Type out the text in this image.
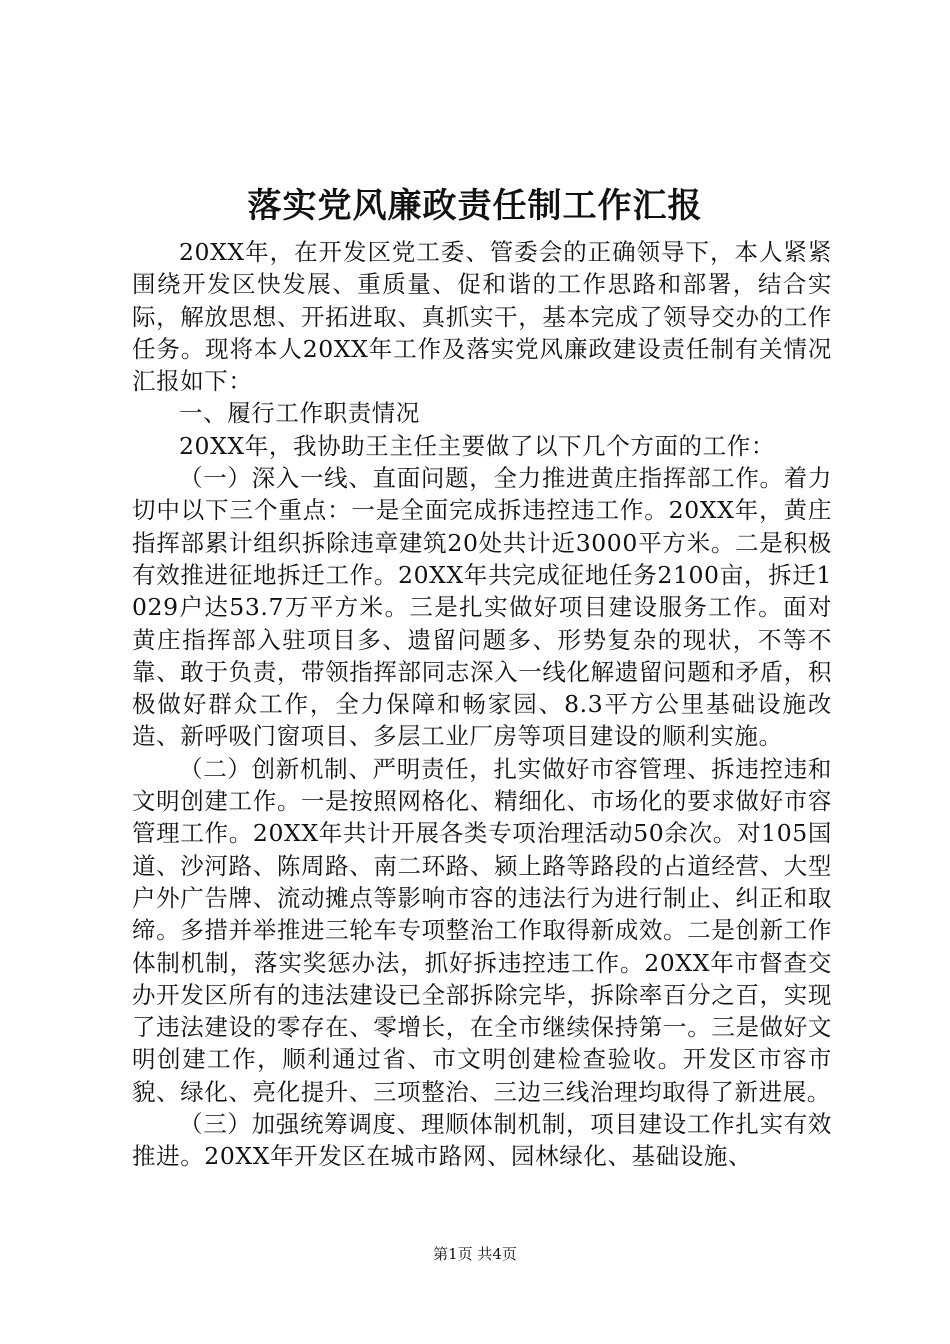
落实党风廉政责任制工作汇报

20XX年，在开发区党工委、管委会的正确领导下，本人紧紧围绕开发区快发展、重质量、促和谐的工作思路和部署，结合实际，解放思想、开拓进取、真抓实干，基本完成了领导交办的工作任务。现将本人20XX年工作及落实党风廉政建设责任制有关情况汇报如下：

一、履行工作职责情况

20XX年，我协助王主任主要做了以下几个方面的工作：

（一）深入一线、直面问题，全力推进黄庄指挥部工作。着力切中以下三个重点：一是全面完成拆违控违工作。20XX年，黄庄指挥部累计组织拆除违章建筑20处共计近3000平方米。二是积极有效推进征地拆迁工作。20XX年共完成征地任务2100亩，拆迁1029户达53.7万平方米。三是扎实做好项目建设服务工作。面对黄庄指挥部入驻项目多、遗留问题多、形势复杂的现状，不等不靠、敢于负责，带领指挥部同志深入一线化解遗留问题和矛盾，积极做好群众工作，全力保障和畅家园、8.3平方公里基础设施改造、新呼吸门窗项目、多层工业厂房等项目建设的顺利实施。

（二）创新机制、严明责任，扎实做好市容管理、拆违控违和文明创建工作。一是按照网格化、精细化、市场化的要求做好市容管理工作。20XX年共计开展各类专项治理活动50余次。对105国道、沙河路、陈周路、南二环路、颍上路等路段的占道经营、大型户外广告牌、流动摊点等影响市容的违法行为进行制止、纠正和取缔。多措并举推进三轮车专项整治工作取得新成效。二是创新工作体制机制，落实奖惩办法，抓好拆违控违工作。20XX年市督查交办开发区所有的违法建设已全部拆除完毕，拆除率百分之百，实现了违法建设的零存在、零增长，在全市继续保持第一。三是做好文明创建工作，顺利通过省、市文明创建检查验收。开发区市容市貌、绿化、亮化提升、三项整治、三边三线治理均取得了新进展。

（三）加强统筹调度、理顺体制机制，项目建设工作扎实有效推进。20XX年开发区在城市路网、园林绿化、基础设施、

第1页 共4页
